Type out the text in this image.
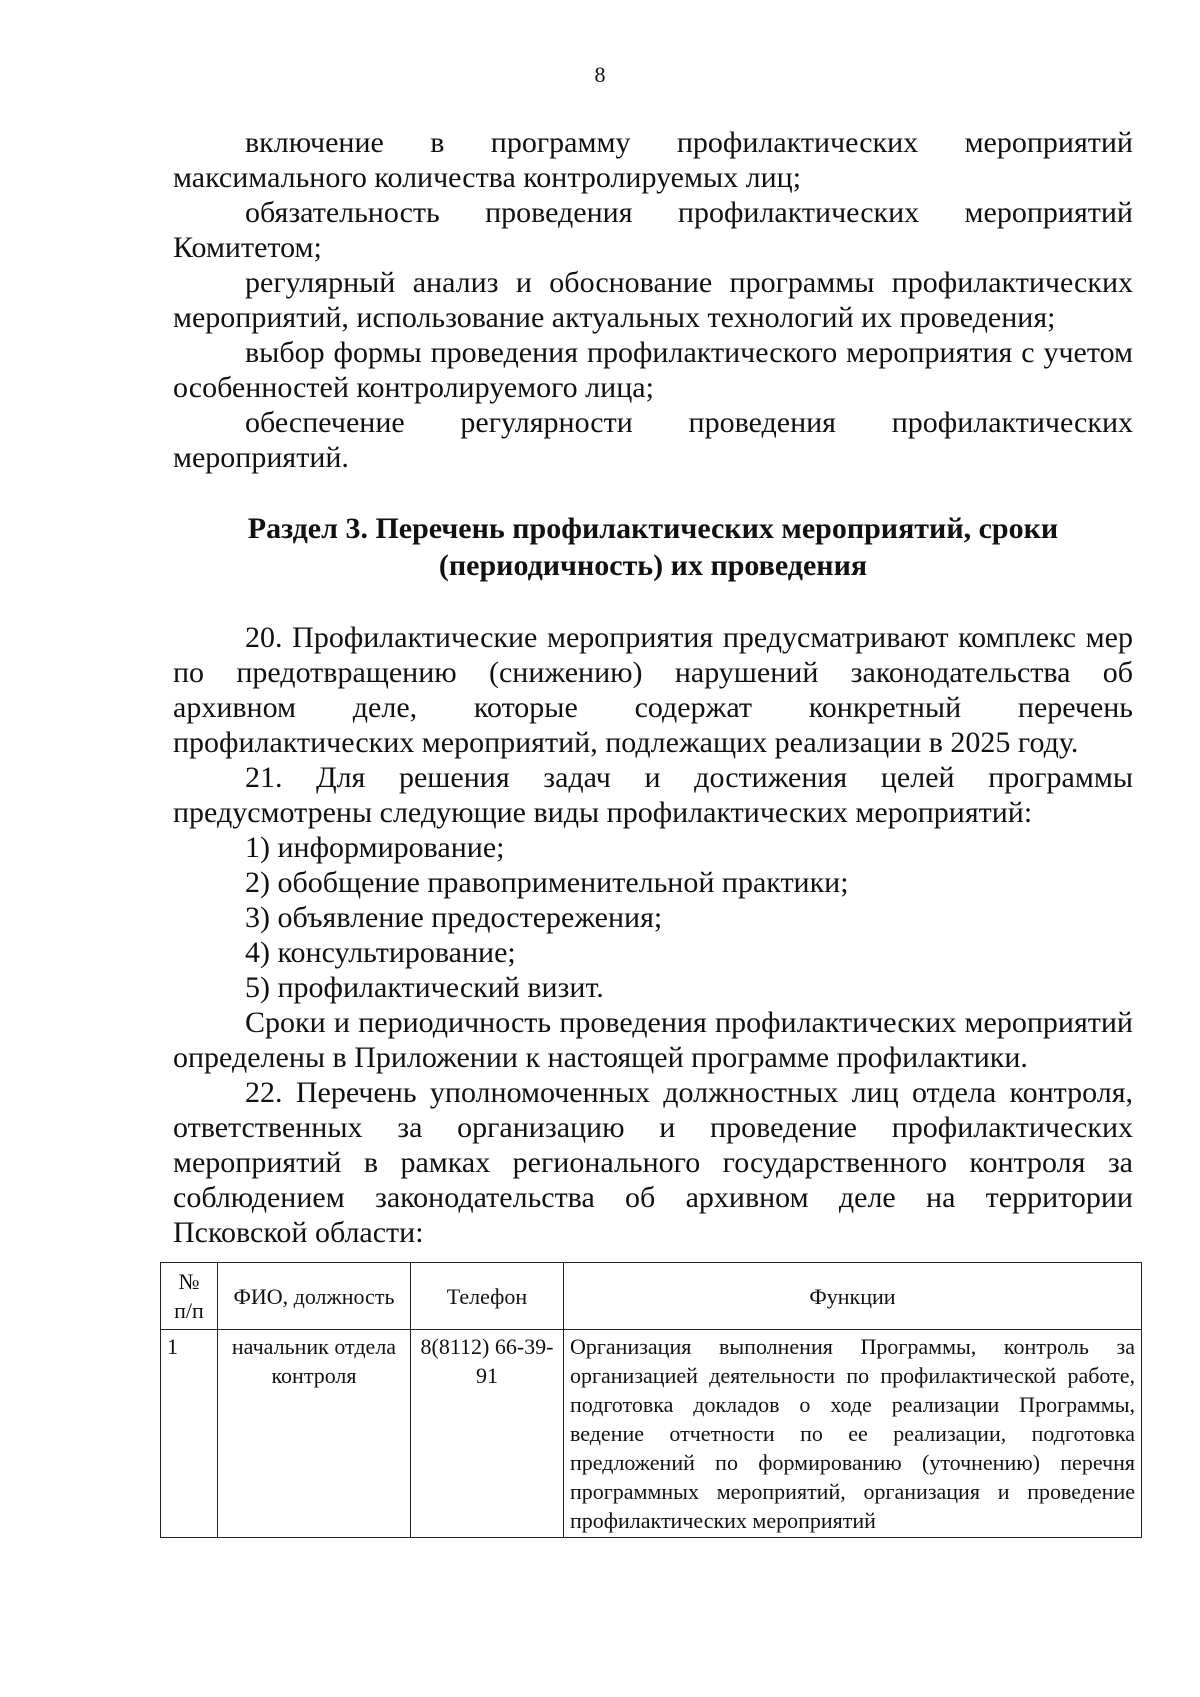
8

включение в программу профилактических мероприятий максимального количества контролируемых лиц;

обязательность проведения профилактических мероприятий Комитетом;

регулярный анализ и обоснование программы профилактических мероприятий, использование актуальных технологий их проведения;

выбор формы проведения профилактического мероприятия с учетом особенностей контролируемого лица;

обеспечение регулярности проведения профилактических мероприятий.

Раздел 3. Перечень профилактических мероприятий, сроки
(периодичность) их проведения

20. Профилактические мероприятия предусматривают комплекс мер по предотвращению (снижению) нарушений законодательства об архивном деле, которые содержат конкретный перечень профилактических мероприятий, подлежащих реализации в 2025 году.

21. Для решения задач и достижения целей программы предусмотрены следующие виды профилактических мероприятий:

1) информирование;

2) обобщение правоприменительной практики;

3) объявление предостережения;

4) консультирование;

5) профилактический визит.

Сроки и периодичность проведения профилактических мероприятий определены в Приложении к настоящей программе профилактики.

22. Перечень уполномоченных должностных лиц отдела контроля, ответственных за организацию и проведение профилактических мероприятий в рамках регионального государственного контроля за соблюдением законодательства об архивном деле на территории Псковской области:

№ п/п	ФИО, должность	Телефон	Функции
1	начальник отдела контроля	8(8112) 66-39-91	Организация выполнения Программы, контроль за организацией деятельности по профилактической работе, подготовка докладов о ходе реализации Программы, ведение отчетности по ее реализации, подготовка предложений по формированию (уточнению) перечня программных мероприятий, организация и проведение профилактических мероприятий
